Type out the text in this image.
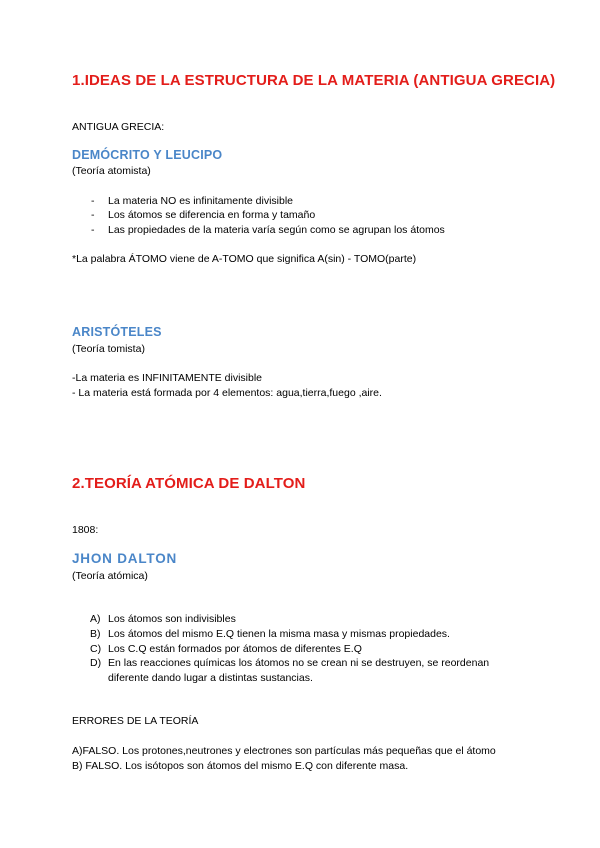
1.IDEAS DE LA ESTRUCTURA DE LA MATERIA (ANTIGUA GRECIA)
ANTIGUA GRECIA:
DEMÓCRITO Y LEUCIPO
(Teoría atomista)
- La materia NO es infinitamente divisible
- Los átomos se diferencia en forma y tamaño
- Las propiedades de la materia varía según como se agrupan los átomos
*La palabra ÁTOMO viene de A-TOMO que significa A(sin) - TOMO(parte)
ARISTÓTELES
(Teoría tomista)
-La materia es INFINITAMENTE divisible
- La materia está formada por 4 elementos: agua,tierra,fuego ,aire.
2.TEORÍA ATÓMICA DE DALTON
1808:
JHON DALTON
(Teoría atómica)
A) Los átomos son indivisibles
B) Los átomos del mismo E.Q tienen la misma masa y mismas propiedades.
C) Los C.Q están formados por átomos de diferentes E.Q
D) En las reacciones químicas los átomos no se crean ni se destruyen, se reordenan
diferente dando lugar a distintas sustancias.
ERRORES DE LA TEORÍA
A)FALSO. Los protones,neutrones y electrones son partículas más pequeñas que el átomo
B) FALSO. Los isótopos son átomos del mismo E.Q con diferente masa.
